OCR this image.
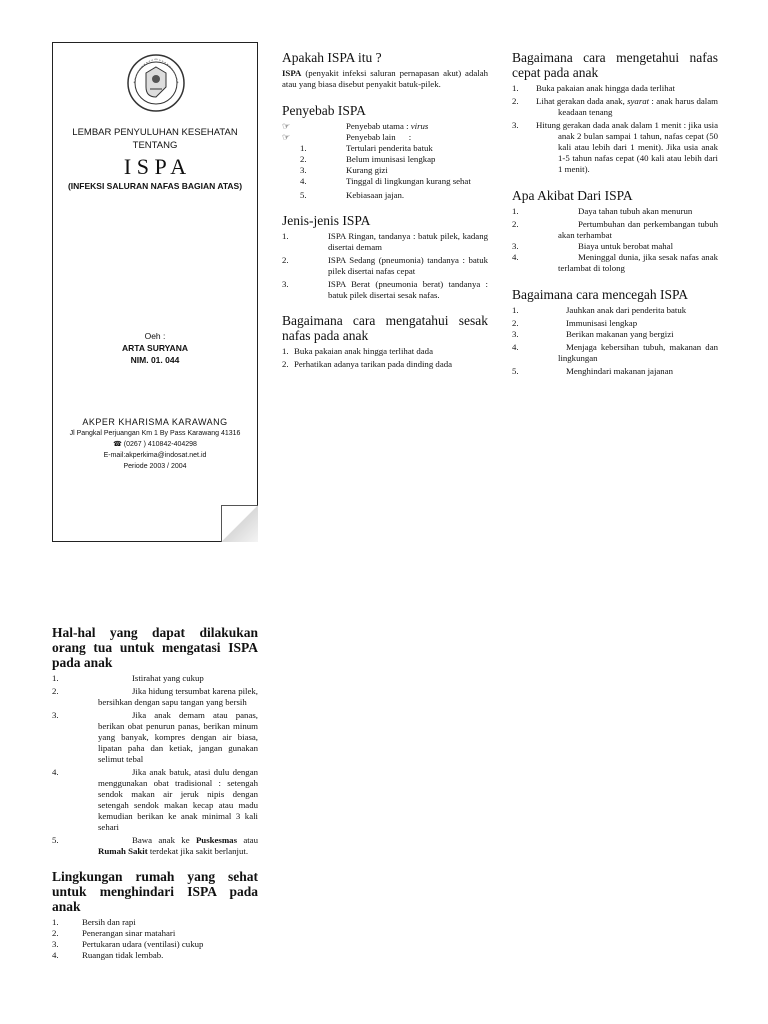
LEMBAR PENYULUHAN KESEHATAN
TENTANG
I S P A
(INFEKSI SALURAN NAFAS BAGIAN ATAS)
Oeh :
ARTA SURYANA
NIM. 01. 044
AKPER KHARISMA KARAWANG
Jl Pangkal Perjuangan Km 1 By Pass Karawang 41316
☎ (0267 ) 410842-404298
E-mail:akperkima@indosat.net.id
Periode 2003 / 2004
Apakah ISPA itu ?

ISPA (penyakit infeksi saluran pernapasan akut) adalah atau yang biasa disebut penyakit batuk-pilek.

Penyebab ISPA
☞	Penyebab utama : virus
☞	Penyebab lain      :
1.	Tertulari penderita batuk
2.	Belum imunisasi lengkap
3.	Kurang gizi
4.	Tinggal di lingkungan kurang sehat
5.	Kebiasaan jajan.
Jenis-jenis ISPA
1.	ISPA Ringan, tandanya : batuk pilek, kadang disertai demam
2.	ISPA Sedang (pneumonia) tandanya : batuk pilek disertai nafas cepat
3.	ISPA Berat (pneumonia berat) tandanya : batuk pilek disertai sesak nafas.
Bagaimana cara mengatahui sesak nafas pada anak
1. Buka pakaian anak hingga terlihat dada
2. Perhatikan adanya tarikan pada dinding dada
Bagaimana cara mengetahui nafas cepat pada anak
1. Buka pakaian anak hingga dada terlihat
2. Lihat gerakan dada anak, syarat : anak harus dalam keadaan tenang
3. Hitung gerakan dada anak dalam 1 menit : jika usia anak 2 bulan sampai 1 tahun, nafas cepat (50 kali atau lebih dari 1 menit). Jika usia anak 1-5 tahun nafas cepat (40 kali atau lebih dari 1 menit).
Apa Akibat Dari ISPA
1.	Daya tahan tubuh akan menurun
2.	Pertumbuhan dan perkembangan tubuh akan terhambat
3.	Biaya untuk berobat mahal
4.	Meninggal dunia, jika sesak nafas anak terlambat di tolong
Bagaimana cara mencegah ISPA
1.	Jauhkan anak dari penderita batuk
2.	Immunisasi lengkap
3.	Berikan makanan yang bergizi
4.	Menjaga kebersihan tubuh, makanan dan lingkungan
5.	Menghindari makanan jajanan
Hal-hal yang dapat dilakukan orang tua untuk mengatasi ISPA pada anak
1.	Istirahat yang cukup
2.	Jika hidung tersumbat karena pilek, bersihkan dengan sapu tangan yang bersih
3.	Jika anak demam atau panas, berikan obat penurun panas, berikan minum yang banyak, kompres dengan air biasa, lipatan paha dan ketiak, jangan gunakan selimut tebal
4.	Jika anak batuk, atasi dulu dengan menggunakan obat tradisional : setengah sendok makan air jeruk nipis dengan setengah sendok makan kecap atau madu kemudian berikan ke anak minimal 3 kali sehari
5.	Bawa anak ke Puskesmas atau Rumah Sakit terdekat jika sakit berlanjut.
Lingkungan rumah yang sehat untuk menghindari ISPA pada anak
1.	Bersih dan rapi
2.	Penerangan sinar matahari
3.	Pertukaran udara (ventilasi) cukup
4.	Ruangan tidak lembab.
